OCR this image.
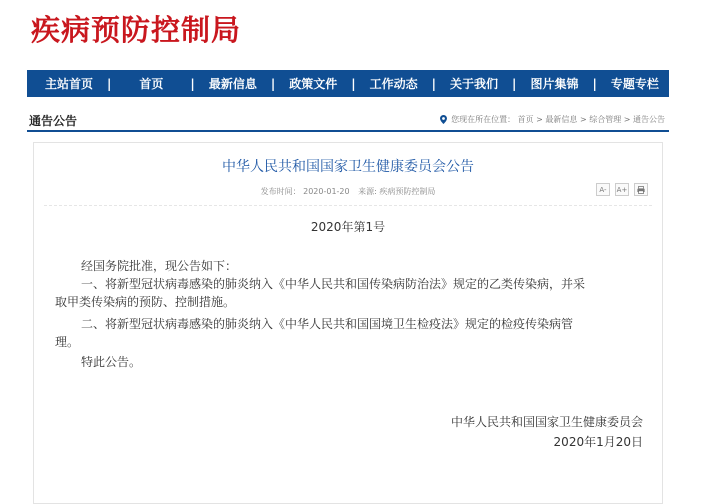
疾病预防控制局
主站首页 | 首页 | 最新信息 | 政策文件 | 工作动态 | 关于我们 | 图片集锦 | 专题专栏
通告公告	您现在所在位置： 首页 > 最新信息 > 综合管理 > 通告公告
中华人民共和国国家卫生健康委员会公告
发布时间： 2020-01-20 来源: 疾病预防控制局	A-	A+
2020年第1号
经国务院批准，现公告如下：
一、将新型冠状病毒感染的肺炎纳入《中华人民共和国传染病防治法》规定的乙类传染病，并采
取甲类传染病的预防、控制措施。
二、将新型冠状病毒感染的肺炎纳入《中华人民共和国国境卫生检疫法》规定的检疫传染病管
理。
特此公告。
中华人民共和国国家卫生健康委员会
2020年1月20日
